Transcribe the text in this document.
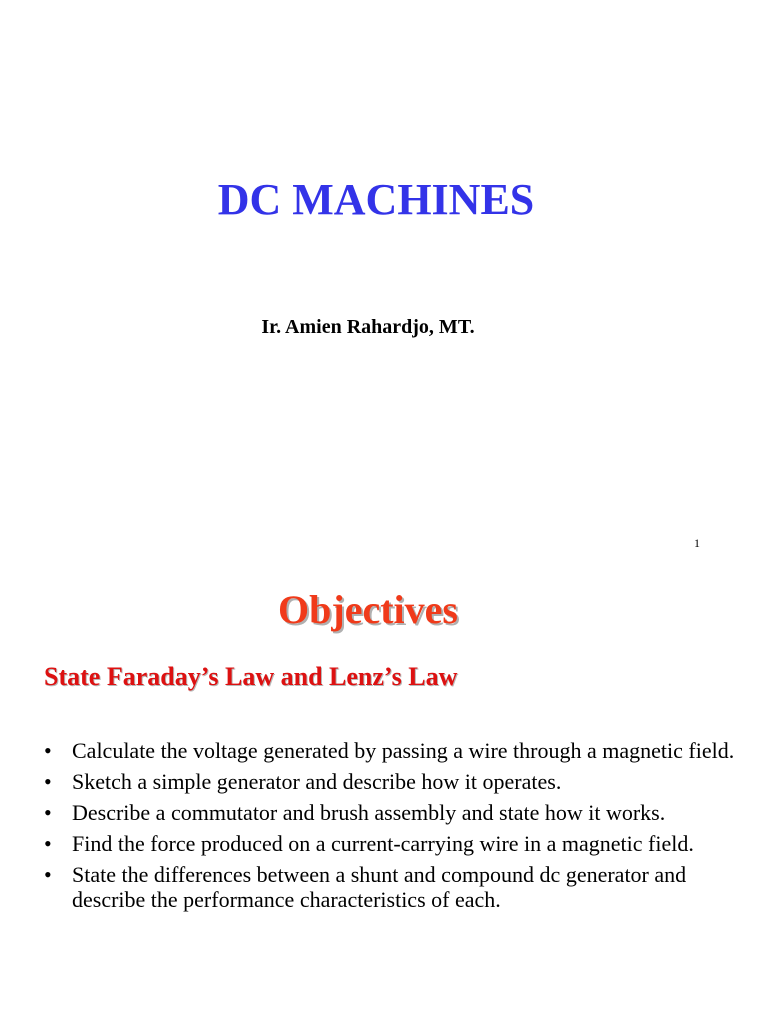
DC MACHINES

Ir. Amien Rahardjo, MT.

1
Objectives

State Faraday’s Law and Lenz’s Law

• Calculate the voltage generated by passing a wire through a magnetic field.
• Sketch a simple generator and describe how it operates.
• Describe a commutator and brush assembly and state how it works.
• Find the force produced on a current-carrying wire in a magnetic field.
• State the differences between a shunt and compound dc generator and describe the performance characteristics of each.
